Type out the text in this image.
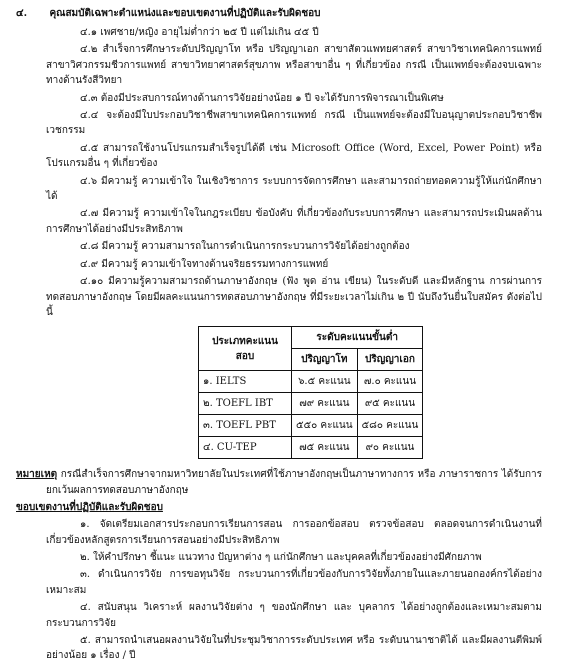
๔. คุณสมบัติเฉพาะตำแหน่งและขอบเขตงานที่ปฏิบัติและรับผิดชอบ

๔.๑ เพศชาย/หญิง อายุไม่ต่ำกว่า ๒๕ ปี แต่ไม่เกิน ๔๕ ปี

๔.๒ สำเร็จการศึกษาระดับปริญญาโท หรือ ปริญญาเอก สาขาสัตวแพทยศาสตร์ สาขาวิชาเทคนิคการแพทย์ สาขาวิศวกรรมชีวการแพทย์ สาขาวิทยาศาสตร์สุขภาพ หรือสาขาอื่น ๆ ที่เกี่ยวข้อง กรณี เป็นแพทย์จะต้องจบเฉพาะทางด้านรังสีวิทยา

๔.๓ ต้องมีประสบการณ์ทางด้านการวิจัยอย่างน้อย ๑ ปี จะได้รับการพิจารณาเป็นพิเศษ

๔.๔ จะต้องมีใบประกอบวิชาชีพสาขาเทคนิคการแพทย์ กรณี เป็นแพทย์จะต้องมีใบอนุญาตประกอบวิชาชีพเวชกรรม

๔.๕ สามารถใช้งานโปรแกรมสำเร็จรูปได้ดี เช่น Microsoft Office (Word, Excel, Power Point) หรือโปรแกรมอื่น ๆ ที่เกี่ยวข้อง

๔.๖ มีความรู้ ความเข้าใจ ในเชิงวิชาการ ระบบการจัดการศึกษา และสามารถถ่ายทอดความรู้ให้แก่นักศึกษาได้

๔.๗ มีความรู้ ความเข้าใจในกฎระเบียบ ข้อบังคับ ที่เกี่ยวข้องกับระบบการศึกษา และสามารถประเมินผลด้านการศึกษาได้อย่างมีประสิทธิภาพ

๔.๘ มีความรู้ ความสามารถในการดำเนินการกระบวนการวิจัยได้อย่างถูกต้อง

๔.๙ มีความรู้ ความเข้าใจทางด้านจริยธรรมทางการแพทย์

๔.๑๐ มีความรู้ความสามารถด้านภาษาอังกฤษ (ฟัง พูด อ่าน เขียน) ในระดับดี และมีหลักฐาน การผ่านการทดสอบภาษาอังกฤษ โดยมีผลคะแนนการทดสอบภาษาอังกฤษ ที่มีระยะเวลาไม่เกิน ๒ ปี นับถึงวันยื่นใบสมัคร ดังต่อไปนี้

ประเภทคะแนนสอบ	ระดับคะแนนขั้นต่ำ	
	ปริญญาโท	ปริญญาเอก
๑. IELTS	๖.๕ คะแนน	๗.๐ คะแนน
๒. TOEFL IBT	๗๙ คะแนน	๙๕ คะแนน
๓. TOEFL PBT	๕๕๐ คะแนน	๕๘๐ คะแนน
๔. CU-TEP	๗๕ คะแนน	๙๐ คะแนน

หมายเหตุ กรณีสำเร็จการศึกษาจากมหาวิทยาลัยในประเทศที่ใช้ภาษาอังกฤษเป็นภาษาทางการ หรือ ภาษาราชการ ได้รับการยกเว้นผลการทดสอบภาษาอังกฤษ

ขอบเขตงานที่ปฏิบัติและรับผิดชอบ

๑. จัดเตรียมเอกสารประกอบการเรียนการสอน การออกข้อสอบ ตรวจข้อสอบ ตลอดจนการดำเนินงานที่เกี่ยวข้องหลักสูตรการเรียนการสอนอย่างมีประสิทธิภาพ

๒. ให้คำปรึกษา ชี้แนะ แนวทาง ปัญหาต่าง ๆ แก่นักศึกษา และบุคคลที่เกี่ยวข้องอย่างมีศักยภาพ

๓. ดำเนินการวิจัย การขอทุนวิจัย กระบวนการที่เกี่ยวข้องกับการวิจัยทั้งภายในและภายนอกองค์กรได้อย่างเหมาะสม

๔. สนับสนุน วิเคราะห์ ผลงานวิจัยต่าง ๆ ของนักศึกษา และ บุคลากร ได้อย่างถูกต้องและเหมาะสมตามกระบวนการวิจัย

๕. สามารถนำเสนอผลงานวิจัยในที่ประชุมวิชาการระดับประเทศ หรือ ระดับนานาชาติได้ และมีผลงานตีพิมพ์ อย่างน้อย ๑ เรื่อง / ปี
